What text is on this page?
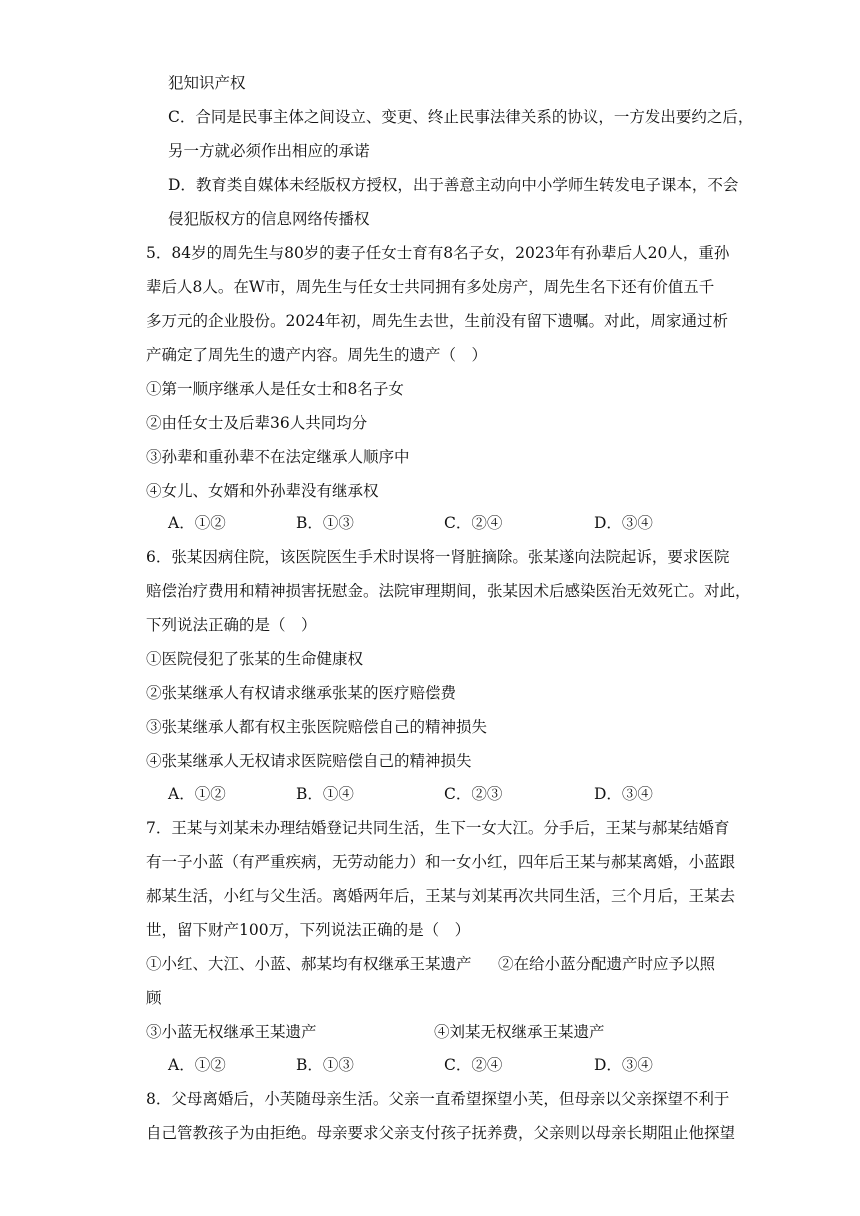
犯知识产权
C．合同是民事主体之间设立、变更、终止民事法律关系的协议，一方发出要约之后，
另一方就必须作出相应的承诺
D．教育类自媒体未经版权方授权，出于善意主动向中小学师生转发电子课本，不会
侵犯版权方的信息网络传播权
5．84岁的周先生与80岁的妻子任女士育有8名子女，2023年有孙辈后人20人，重孙
辈后人8人。在W市，周先生与任女士共同拥有多处房产，周先生名下还有价值五千
多万元的企业股份。2024年初，周先生去世，生前没有留下遗嘱。对此，周家通过析
产确定了周先生的遗产内容。周先生的遗产（　）
①第一顺序继承人是任女士和8名子女
②由任女士及后辈36人共同均分
③孙辈和重孙辈不在法定继承人顺序中
④女儿、女婿和外孙辈没有继承权
A．①②	B．①③	C．②④	D．③④
6．张某因病住院，该医院医生手术时误将一肾脏摘除。张某遂向法院起诉，要求医院
赔偿治疗费用和精神损害抚慰金。法院审理期间，张某因术后感染医治无效死亡。对此，
下列说法正确的是（　）
①医院侵犯了张某的生命健康权
②张某继承人有权请求继承张某的医疗赔偿费
③张某继承人都有权主张医院赔偿自己的精神损失
④张某继承人无权请求医院赔偿自己的精神损失
A．①②	B．①④	C．②③	D．③④
7．王某与刘某未办理结婚登记共同生活，生下一女大江。分手后，王某与郝某结婚育
有一子小蓝（有严重疾病，无劳动能力）和一女小红，四年后王某与郝某离婚，小蓝跟
郝某生活，小红与父生活。离婚两年后，王某与刘某再次共同生活，三个月后，王某去
世，留下财产100万，下列说法正确的是（　）
①小红、大江、小蓝、郝某均有权继承王某遗产 ②在给小蓝分配遗产时应予以照
顾
③小蓝无权继承王某遗产	④刘某无权继承王某遗产
A．①②	B．①③	C．②④	D．③④
8．父母离婚后，小芙随母亲生活。父亲一直希望探望小芙，但母亲以父亲探望不利于
自己管教孩子为由拒绝。母亲要求父亲支付孩子抚养费，父亲则以母亲长期阻止他探望
